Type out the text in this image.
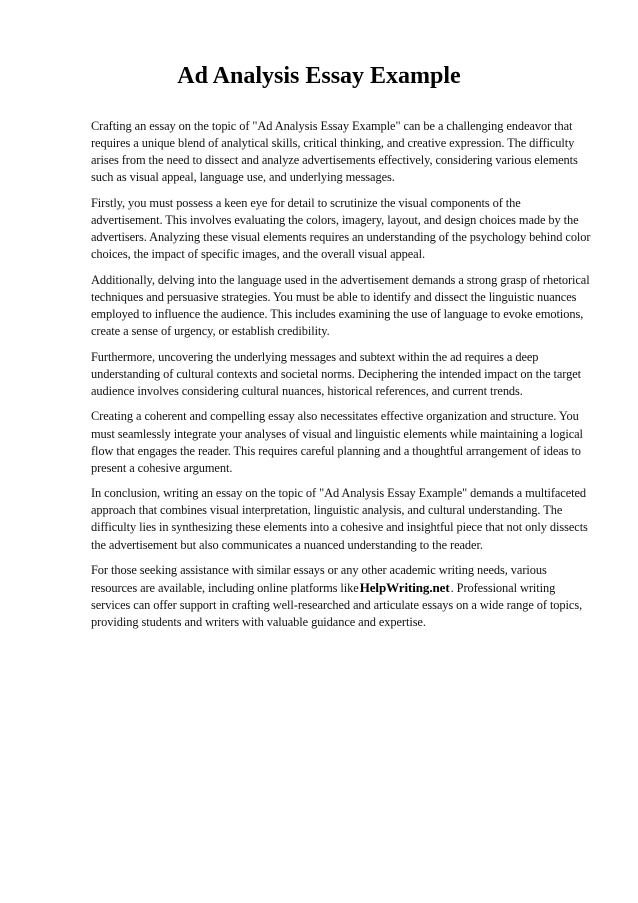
Ad Analysis Essay Example

Crafting an essay on the topic of "Ad Analysis Essay Example" can be a challenging endeavor that requires a unique blend of analytical skills, critical thinking, and creative expression. The difficulty arises from the need to dissect and analyze advertisements effectively, considering various elements such as visual appeal, language use, and underlying messages.

Firstly, you must possess a keen eye for detail to scrutinize the visual components of the advertisement. This involves evaluating the colors, imagery, layout, and design choices made by the advertisers. Analyzing these visual elements requires an understanding of the psychology behind color choices, the impact of specific images, and the overall visual appeal.

Additionally, delving into the language used in the advertisement demands a strong grasp of rhetorical techniques and persuasive strategies. You must be able to identify and dissect the linguistic nuances employed to influence the audience. This includes examining the use of language to evoke emotions, create a sense of urgency, or establish credibility.

Furthermore, uncovering the underlying messages and subtext within the ad requires a deep understanding of cultural contexts and societal norms. Deciphering the intended impact on the target audience involves considering cultural nuances, historical references, and current trends.

Creating a coherent and compelling essay also necessitates effective organization and structure. You must seamlessly integrate your analyses of visual and linguistic elements while maintaining a logical flow that engages the reader. This requires careful planning and a thoughtful arrangement of ideas to present a cohesive argument.

In conclusion, writing an essay on the topic of "Ad Analysis Essay Example" demands a multifaceted approach that combines visual interpretation, linguistic analysis, and cultural understanding. The difficulty lies in synthesizing these elements into a cohesive and insightful piece that not only dissects the advertisement but also communicates a nuanced understanding to the reader.

For those seeking assistance with similar essays or any other academic writing needs, various resources are available, including online platforms likeHelpWriting.net. Professional writing services can offer support in crafting well-researched and articulate essays on a wide range of topics, providing students and writers with valuable guidance and expertise.
